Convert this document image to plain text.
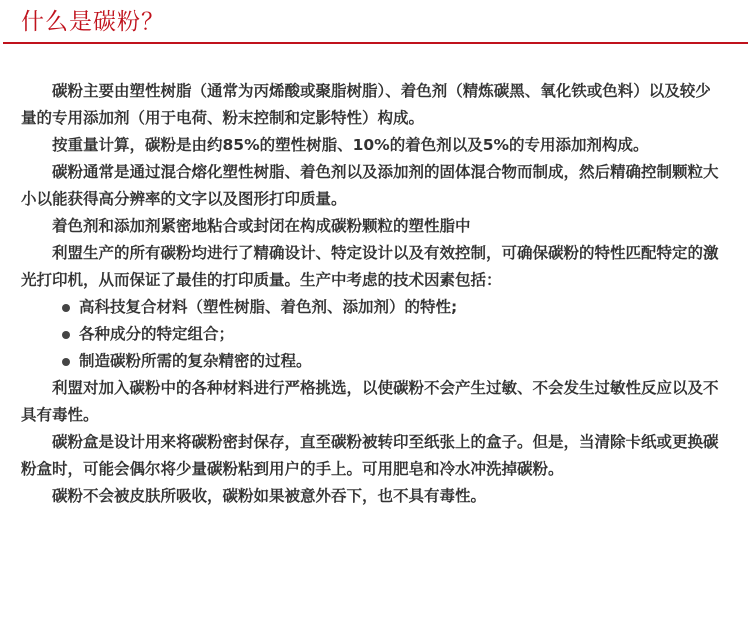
什么是碳粉？

碳粉主要由塑性树脂（通常为丙烯酸或聚脂树脂）、着色剂（精炼碳黑、氧化铁或色料）以及较少量的专用添加剂（用于电荷、粉末控制和定影特性）构成。

按重量计算，碳粉是由约85%的塑性树脂、10%的着色剂以及5%的专用添加剂构成。

碳粉通常是通过混合熔化塑性树脂、着色剂以及添加剂的固体混合物而制成，然后精确控制颗粒大小以能获得高分辨率的文字以及图形打印质量。

着色剂和添加剂紧密地粘合或封闭在构成碳粉颗粒的塑性脂中

利盟生产的所有碳粉均进行了精确设计、特定设计以及有效控制，可确保碳粉的特性匹配特定的激光打印机，从而保证了最佳的打印质量。生产中考虑的技术因素包括：

高科技复合材料（塑性树脂、着色剂、添加剂）的特性;
各种成分的特定组合；
制造碳粉所需的复杂精密的过程。

利盟对加入碳粉中的各种材料进行严格挑选，以使碳粉不会产生过敏、不会发生过敏性反应以及不具有毒性。

碳粉盒是设计用来将碳粉密封保存，直至碳粉被转印至纸张上的盒子。但是，当清除卡纸或更换碳粉盒时，可能会偶尔将少量碳粉粘到用户的手上。可用肥皂和冷水冲洗掉碳粉。

碳粉不会被皮肤所吸收，碳粉如果被意外吞下，也不具有毒性。
